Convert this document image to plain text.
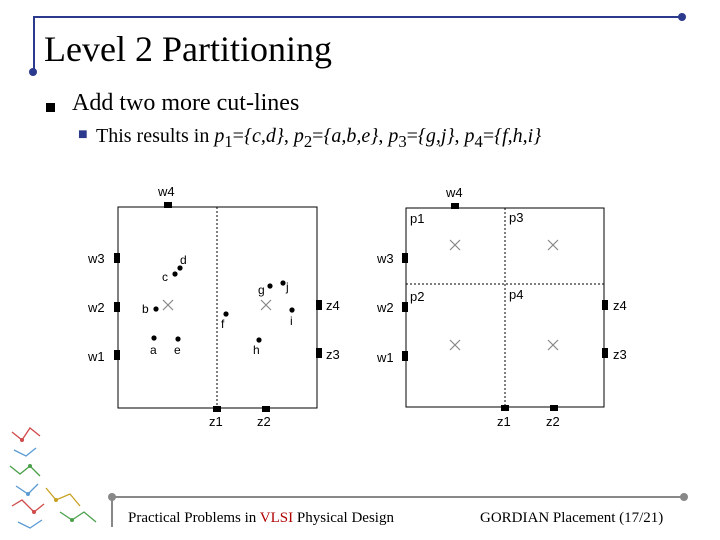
Level 2 Partitioning
Add two more cut-lines
■ This results in $p_1=\{c,d\}$, $p_2=\{a,b,e\}$, $p_3=\{g,j\}$, $p_4=\{f,h,i\}$
w4
w3
w2
w1
z4
z3
z1	z2
a
b
c
d
e
f
g
h
i
j
w4
w3
w2
w1
z4
z3
z1	z2
p1	p3
p2	p4
Practical Problems in VLSI Physical Design	GORDIAN Placement (17/21)
